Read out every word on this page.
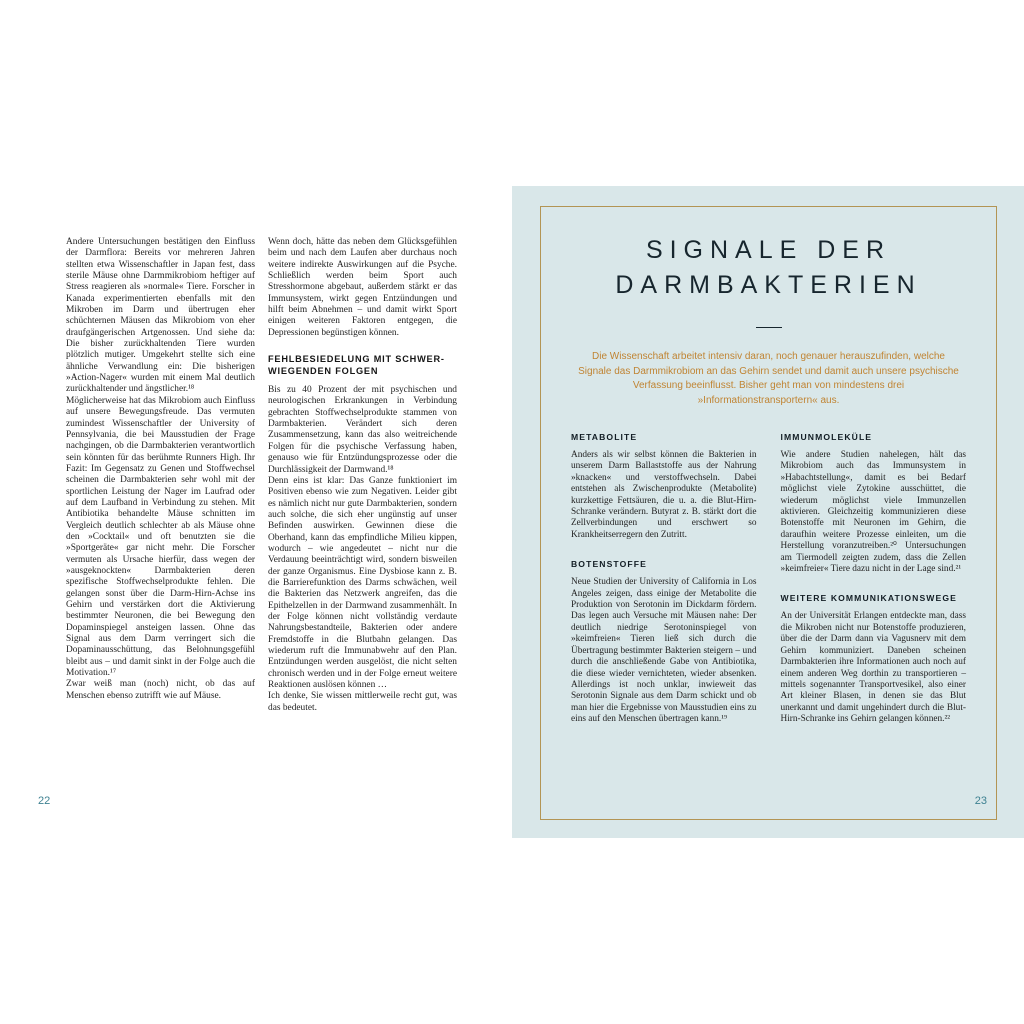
Andere Untersuchungen bestätigen den Einfluss der Darmflora: Bereits vor mehreren Jahren stellten etwa Wissenschaftler in Japan fest, dass sterile Mäuse ohne Darmmikrobiom heftiger auf Stress reagieren als »normale« Tiere. Forscher in Kanada experimentierten ebenfalls mit den Mikroben im Darm und übertrugen eher schüchternen Mäusen das Mikrobiom von eher draufgängerischen Artgenossen. Und siehe da: Die bisher zurückhaltenden Tiere wurden plötzlich mutiger. Umgekehrt stellte sich eine ähnliche Verwandlung ein: Die bisherigen »Action-Nager« wurden mit einem Mal deutlich zurückhaltender und ängstlicher.¹⁸

Möglicherweise hat das Mikrobiom auch Einfluss auf unsere Bewegungsfreude. Das vermuten zumindest Wissenschaftler der University of Pennsylvania, die bei Mausstudien der Frage nachgingen, ob die Darmbakterien verantwortlich sein könnten für das berühmte Runners High. Ihr Fazit: Im Gegensatz zu Genen und Stoffwechsel scheinen die Darmbakterien sehr wohl mit der sportlichen Leistung der Nager im Laufrad oder auf dem Laufband in Verbindung zu stehen. Mit Antibiotika behandelte Mäuse schnitten im Vergleich deutlich schlechter ab als Mäuse ohne den »Cocktail« und oft benutzten sie die »Sportgeräte« gar nicht mehr. Die Forscher vermuten als Ursache hierfür, dass wegen der »ausgeknockten« Darmbakterien deren spezifische Stoffwechselprodukte fehlen. Die gelangen sonst über die Darm-Hirn-Achse ins Gehirn und verstärken dort die Aktivierung bestimmter Neuronen, die bei Bewegung den Dopaminspiegel ansteigen lassen. Ohne das Signal aus dem Darm verringert sich die Dopaminausschüttung, das Belohnungsgefühl bleibt aus – und damit sinkt in der Folge auch die Motivation.¹⁷

Zwar weiß man (noch) nicht, ob das auf Menschen ebenso zutrifft wie auf Mäuse.

Wenn doch, hätte das neben dem Glücksgefühlen beim und nach dem Laufen aber durchaus noch weitere indirekte Auswirkungen auf die Psyche. Schließlich werden beim Sport auch Stresshormone abgebaut, außerdem stärkt er das Immunsystem, wirkt gegen Entzündungen und hilft beim Abnehmen – und damit wirkt Sport einigen weiteren Faktoren entgegen, die Depressionen begünstigen können.

FEHLBESIEDELUNG MIT SCHWERWIEGENDEN FOLGEN

Bis zu 40 Prozent der mit psychischen und neurologischen Erkrankungen in Verbindung gebrachten Stoffwechselprodukte stammen von Darmbakterien. Verändert sich deren Zusammensetzung, kann das also weitreichende Folgen für die psychische Verfassung haben, genauso wie für Entzündungsprozesse oder die Durchlässigkeit der Darmwand.¹⁸

Denn eins ist klar: Das Ganze funktioniert im Positiven ebenso wie zum Negativen. Leider gibt es nämlich nicht nur gute Darmbakterien, sondern auch solche, die sich eher ungünstig auf unser Befinden auswirken. Gewinnen diese die Oberhand, kann das empfindliche Milieu kippen, wodurch – wie angedeutet – nicht nur die Verdauung beeinträchtigt wird, sondern bisweilen der ganze Organismus. Eine Dysbiose kann z. B. die Barrierefunktion des Darms schwächen, weil die Bakterien das Netzwerk angreifen, das die Epithelzellen in der Darmwand zusammenhält. In der Folge können nicht vollständig verdaute Nahrungsbestandteile, Bakterien oder andere Fremdstoffe in die Blutbahn gelangen. Das wiederum ruft die Immunabwehr auf den Plan. Entzündungen werden ausgelöst, die nicht selten chronisch werden und in der Folge erneut weitere Reaktionen auslösen können …

Ich denke, Sie wissen mittlerweile recht gut, was das bedeutet.

22
SIGNALE DER
DARMBAKTERIEN

Die Wissenschaft arbeitet intensiv daran, noch genauer herauszufinden, welche Signale das Darmmikrobiom an das Gehirn sendet und damit auch unsere psychische Verfassung beeinflusst. Bisher geht man von mindestens drei »Informationstransportern« aus.

METABOLITE

Anders als wir selbst können die Bakterien in unserem Darm Ballaststoffe aus der Nahrung »knacken« und verstoffwechseln. Dabei entstehen als Zwischenprodukte (Metabolite) kurzkettige Fettsäuren, die u. a. die Blut-Hirn-Schranke verändern. Butyrat z. B. stärkt dort die Zellverbindungen und erschwert so Krankheitserregern den Zutritt.

BOTENSTOFFE

Neue Studien der University of California in Los Angeles zeigen, dass einige der Metabolite die Produktion von Serotonin im Dickdarm fördern. Das legen auch Versuche mit Mäusen nahe: Der deutlich niedrige Serotoninspiegel von »keimfreien« Tieren ließ sich durch die Übertragung bestimmter Bakterien steigern – und durch die anschließende Gabe von Antibiotika, die diese wieder vernichteten, wieder absenken. Allerdings ist noch unklar, inwieweit das Serotonin Signale aus dem Darm schickt und ob man hier die Ergebnisse von Mausstudien eins zu eins auf den Menschen übertragen kann.¹⁹

IMMUNMOLEKÜLE

Wie andere Studien nahelegen, hält das Mikrobiom auch das Immunsystem in »Habachtstellung«, damit es bei Bedarf möglichst viele Zytokine ausschüttet, die wiederum möglichst viele Immunzellen aktivieren. Gleichzeitig kommunizieren diese Botenstoffe mit Neuronen im Gehirn, die daraufhin weitere Prozesse einleiten, um die Herstellung voranzutreiben.²⁰ Untersuchungen am Tiermodell zeigten zudem, dass die Zellen »keimfreier« Tiere dazu nicht in der Lage sind.²¹

WEITERE KOMMUNIKATIONSWEGE

An der Universität Erlangen entdeckte man, dass die Mikroben nicht nur Botenstoffe produzieren, über die der Darm dann via Vagusnerv mit dem Gehirn kommuniziert. Daneben scheinen Darmbakterien ihre Informationen auch noch auf einem anderen Weg dorthin zu transportieren – mittels sogenannter Transportvesikel, also einer Art kleiner Blasen, in denen sie das Blut unerkannt und damit ungehindert durch die Blut-Hirn-Schranke ins Gehirn gelangen können.²²

23
